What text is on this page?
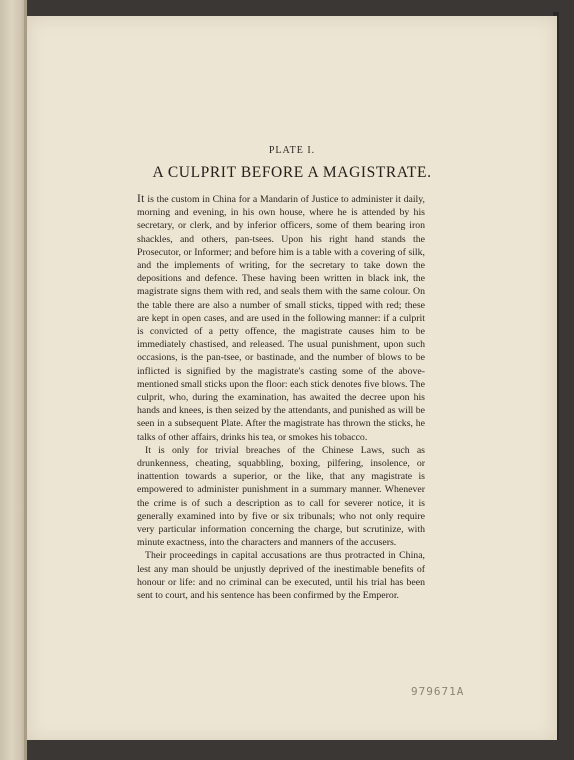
PLATE I.
A CULPRIT BEFORE A MAGISTRATE.

It is the custom in China for a Mandarin of Justice to administer it daily, morning and evening, in his own house, where he is attended by his secretary, or clerk, and by inferior officers, some of them bearing iron shackles, and others, pan-tsees. Upon his right hand stands the Prosecutor, or Informer; and before him is a table with a covering of silk, and the implements of writing, for the secretary to take down the depositions and defence. These having been written in black ink, the magistrate signs them with red, and seals them with the same colour. On the table there are also a number of small sticks, tipped with red; these are kept in open cases, and are used in the following manner: if a culprit is convicted of a petty offence, the magistrate causes him to be immediately chastised, and released. The usual punishment, upon such occasions, is the pan-tsee, or bastinade, and the number of blows to be inflicted is signified by the magistrate's casting some of the above-mentioned small sticks upon the floor: each stick denotes five blows. The culprit, who, during the examination, has awaited the decree upon his hands and knees, is then seized by the attendants, and punished as will be seen in a subsequent Plate. After the magistrate has thrown the sticks, he talks of other affairs, drinks his tea, or smokes his tobacco.

It is only for trivial breaches of the Chinese Laws, such as drunkenness, cheating, squabbling, boxing, pilfering, insolence, or inattention towards a superior, or the like, that any magistrate is empowered to administer punishment in a summary manner. Whenever the crime is of such a description as to call for severer notice, it is generally examined into by five or six tribunals; who not only require very particular information concerning the charge, but scrutinize, with minute exactness, into the characters and manners of the accusers.

Their proceedings in capital accusations are thus protracted in China, lest any man should be unjustly deprived of the inestimable benefits of honour or life: and no criminal can be executed, until his trial has been sent to court, and his sentence has been confirmed by the Emperor.

979671A
